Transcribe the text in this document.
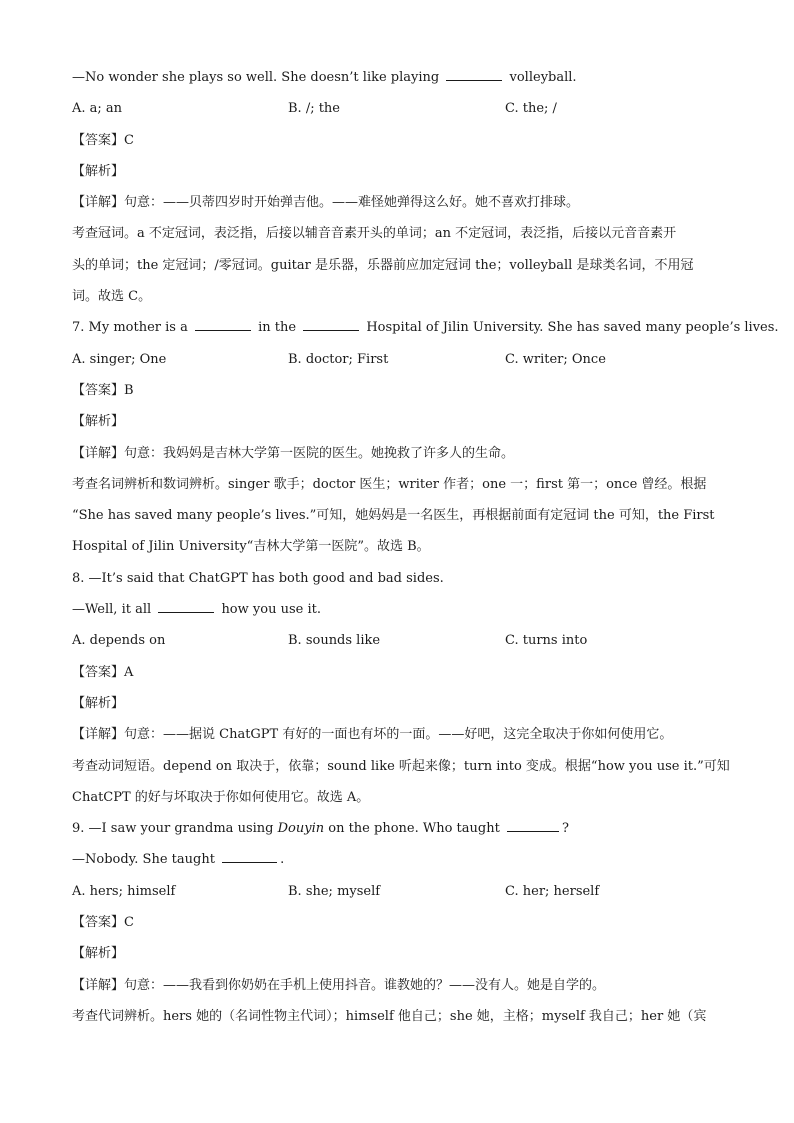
—No wonder she plays so well. She doesn’t like playing	volleyball.
A. a; an	B. /; the	C. the; /
【答案】C
【解析】
【详解】句意：——贝蒂四岁时开始弹吉他。——难怪她弹得这么好。她不喜欢打排球。
考查冠词。a 不定冠词，表泛指，后接以辅音音素开头的单词；an 不定冠词，表泛指，后接以元音音素开
头的单词；the 定冠词；/零冠词。guitar 是乐器，乐器前应加定冠词 the；volleyball 是球类名词，不用冠
词。故选 C。
7. My mother is a	in the	Hospital of Jilin University. She has saved many people’s lives.
A. singer; One	B. doctor; First	C. writer; Once
【答案】B
【解析】
【详解】句意：我妈妈是吉林大学第一医院的医生。她挽救了许多人的生命。
考查名词辨析和数词辨析。singer 歌手；doctor 医生；writer 作者；one 一；first 第一；once 曾经。根据
“She has saved many people’s lives.”可知，她妈妈是一名医生，再根据前面有定冠词 the 可知，the First
Hospital of Jilin University“吉林大学第一医院”。故选 B。
8. —It’s said that ChatGPT has both good and bad sides.
—Well, it all	how you use it.
A. depends on	B. sounds like	C. turns into
【答案】A
【解析】
【详解】句意：——据说 ChatGPT 有好的一面也有坏的一面。——好吧，这完全取决于你如何使用它。
考查动词短语。depend on 取决于，依靠；sound like 听起来像；turn into 变成。根据“how you use it.”可知
ChatCPT 的好与坏取决于你如何使用它。故选 A。
9. —I saw your grandma using Douyin on the phone. Who taught	?
—Nobody. She taught	.
A. hers; himself	B. she; myself	C. her; herself
【答案】C
【解析】
【详解】句意：——我看到你奶奶在手机上使用抖音。谁教她的？——没有人。她是自学的。
考查代词辨析。hers 她的（名词性物主代词）；himself 他自己；she 她，主格；myself 我自己；her 她（宾
